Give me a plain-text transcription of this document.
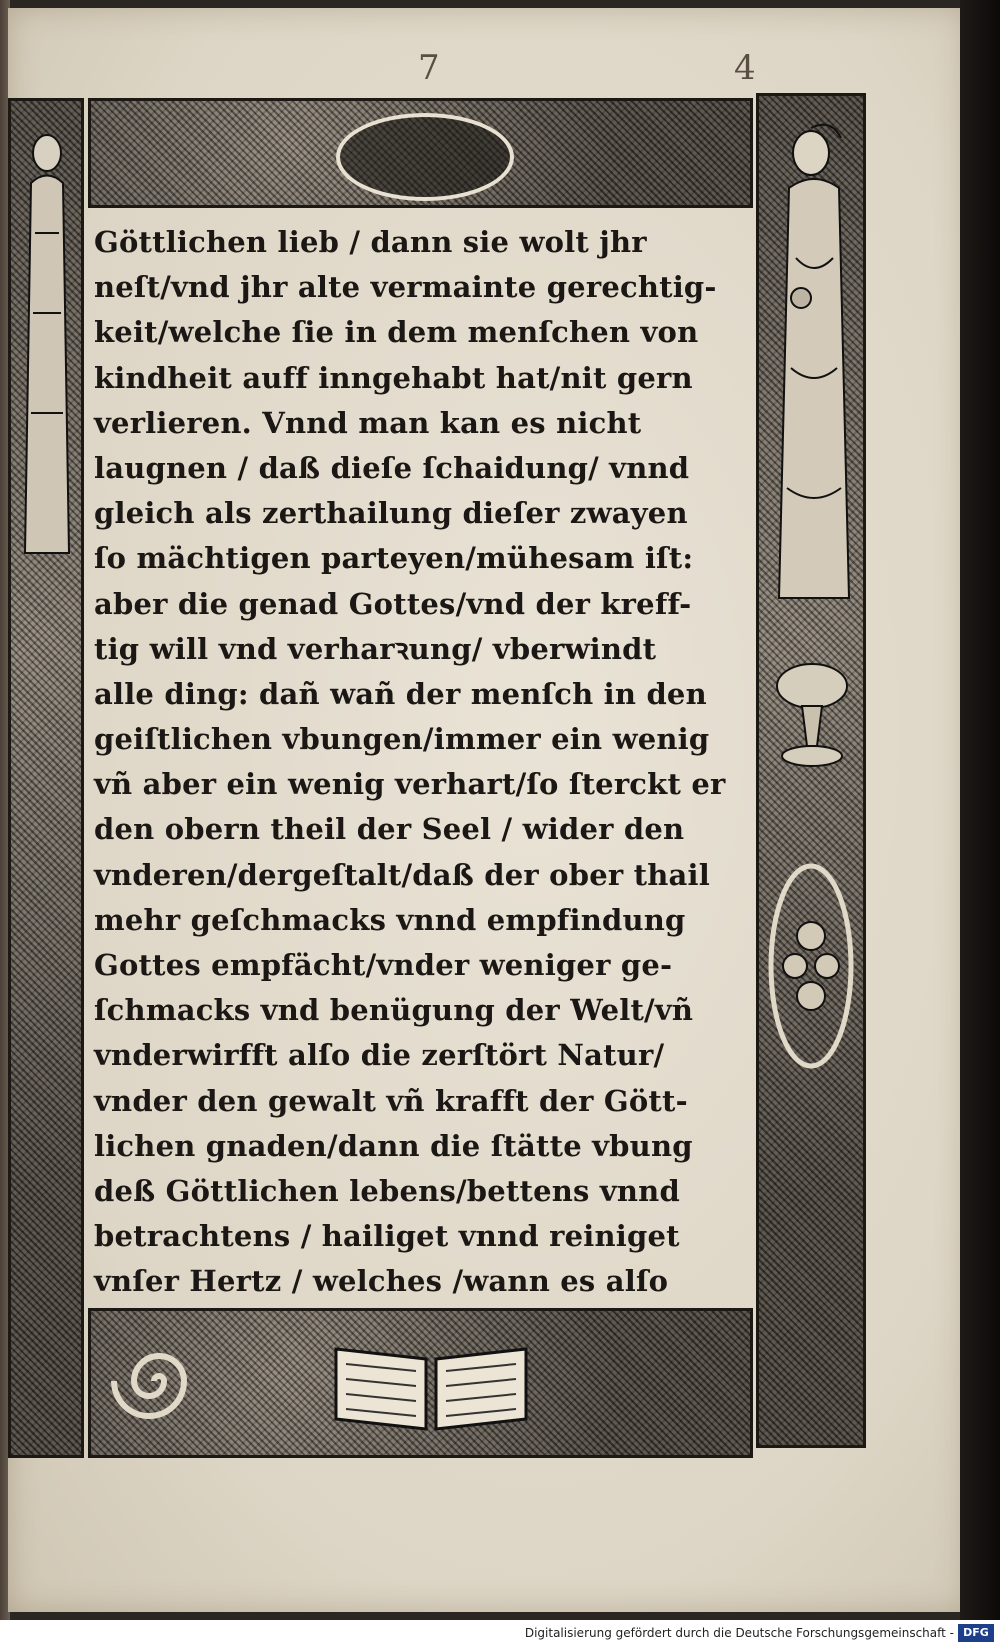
7	4
Göttlichen lieb / dann sie wolt jhr
neſt/vnd jhr alte vermainte gerechtig-
keit/welche ſie in dem menſchen von
kindheit auff inngehabt hat/nit gern
verlieren. Vnnd man kan es nicht
laugnen / daß dieſe ſchaidung/ vnnd
gleich als zerthailung dieſer zwayen
ſo mächtigen parteyen/mühesam iſt:
aber die genad Gottes/vnd der kreff-
tig will vnd verharꝛung/ vberwindt
alle ding: dañ wañ der menſch in den
geiſtlichen vbungen/immer ein wenig
vñ aber ein wenig verhart/ſo ſterckt er
den obern theil der Seel / wider den
vnderen/dergeſtalt/daß der ober thail
mehr geſchmacks vnnd empfindung
Gottes empfächt/vnder weniger ge-
ſchmacks vnd benügung der Welt/vñ
vnderwirfft alſo die zerſtört Natur/
vnder den gewalt vñ krafft der Gött-
lichen gnaden/dann die ſtätte vbung
deß Göttlichen lebens/bettens vnnd
betrachtens / hailiget vnnd reiniget
vnſer Hertz / welches /wann es alſo
Digitalisierung gefördert durch die Deutsche Forschungsgemeinschaft - DFG
